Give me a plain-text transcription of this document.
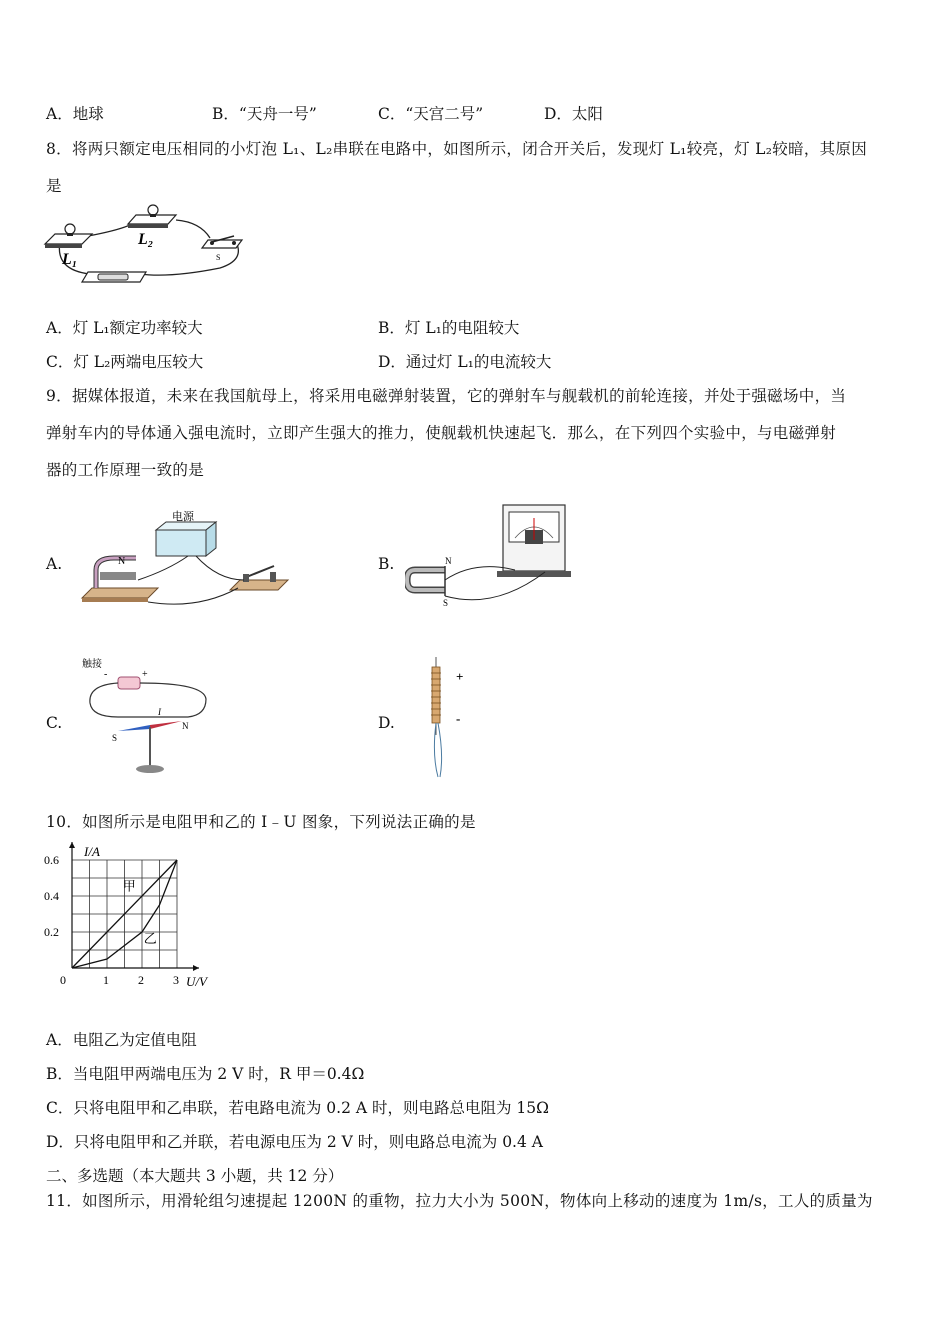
A．地球	B．“天舟一号”	C．“天宫二号”	D．太阳
8．将两只额定电压相同的小灯泡 L₁、L₂串联在电路中，如图所示，闭合开关后，发现灯 L₁较亮，灯 L₂较暗，其原因
是
L₁
L₂
S
A．灯 L₁额定功率较大	B．灯 L₁的电阻较大
C．灯 L₂两端电压较大	D．通过灯 L₁的电流较大
9．据媒体报道，未来在我国航母上，将采用电磁弹射装置，它的弹射车与舰载机的前轮连接，并处于强磁场中，当
弹射车内的导体通入强电流时，立即产生强大的推力，使舰载机快速起飞．那么，在下列四个实验中，与电磁弹射
器的工作原理一致的是
A.	B.
C.	D.
电源
N	N
S
触接
-	+
I
S
N
+
-
10．如图所示是电阻甲和乙的 I﹣U 图象，下列说法正确的是
甲
乙
0	1 2 3
0.2
0.4
0.6
I/A
U/V
A．电阻乙为定值电阻
B．当电阻甲两端电压为 2 V 时，R 甲＝0.4Ω
C．只将电阻甲和乙串联，若电路电流为 0.2 A 时，则电路总电阻为 15Ω
D．只将电阻甲和乙并联，若电源电压为 2 V 时，则电路总电流为 0.4 A
二、多选题（本大题共 3 小题，共 12 分）
11．如图所示，用滑轮组匀速提起 1200N 的重物，拉力大小为 500N，物体向上移动的速度为 1m/s，工人的质量为
